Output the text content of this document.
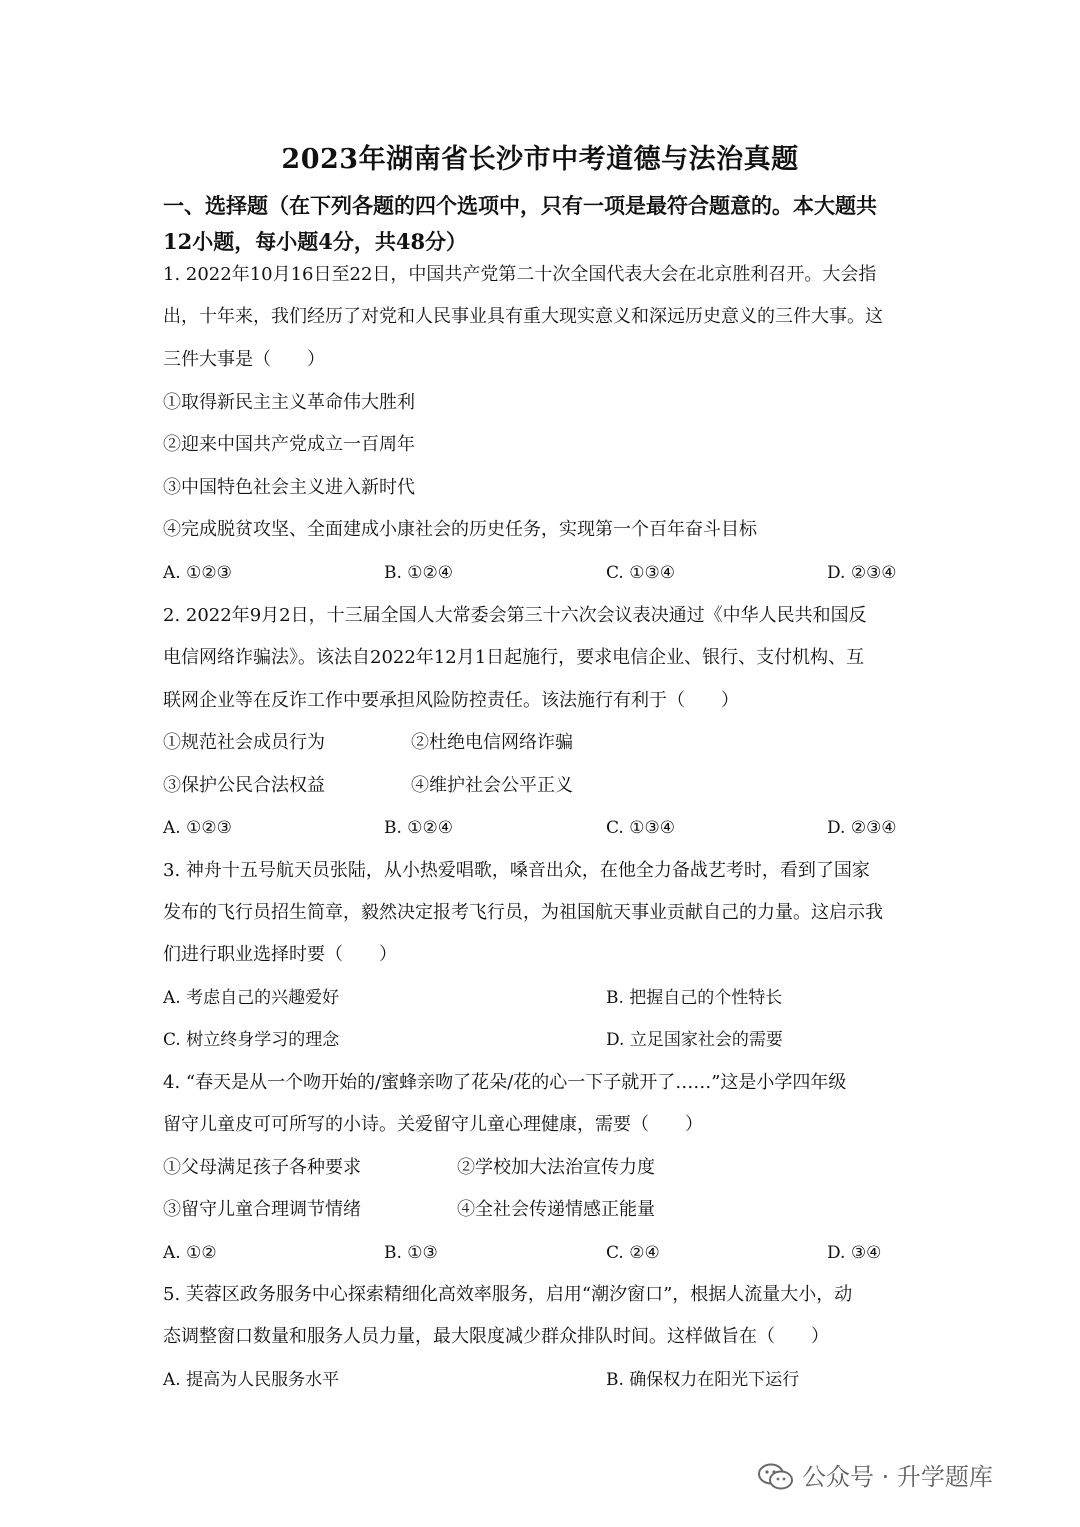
2023年湖南省长沙市中考道德与法治真题
一、选择题（在下列各题的四个选项中，只有一项是最符合题意的。本大题共
12小题，每小题4分，共48分）
1. 2022年10月16日至22日，中国共产党第二十次全国代表大会在北京胜利召开。大会指
出，十年来，我们经历了对党和人民事业具有重大现实意义和深远历史意义的三件大事。这
三件大事是（　　）
①取得新民主主义革命伟大胜利
②迎来中国共产党成立一百周年
③中国特色社会主义进入新时代
④完成脱贫攻坚、全面建成小康社会的历史任务，实现第一个百年奋斗目标
A. ①②③	B. ①②④	C. ①③④	D. ②③④
2. 2022年9月2日，十三届全国人大常委会第三十六次会议表决通过《中华人民共和国反
电信网络诈骗法》。该法自2022年12月1日起施行，要求电信企业、银行、支付机构、互
联网企业等在反诈工作中要承担风险防控责任。该法施行有利于（　　）
①规范社会成员行为	②杜绝电信网络诈骗
③保护公民合法权益	④维护社会公平正义
A. ①②③	B. ①②④	C. ①③④	D. ②③④
3. 神舟十五号航天员张陆，从小热爱唱歌，嗓音出众，在他全力备战艺考时，看到了国家
发布的飞行员招生简章，毅然决定报考飞行员，为祖国航天事业贡献自己的力量。这启示我
们进行职业选择时要（　　）
A. 考虑自己的兴趣爱好	B. 把握自己的个性特长
C. 树立终身学习的理念	D. 立足国家社会的需要
4. “春天是从一个吻开始的/蜜蜂亲吻了花朵/花的心一下子就开了……”这是小学四年级
留守儿童皮可可所写的小诗。关爱留守儿童心理健康，需要（　　）
①父母满足孩子各种要求	②学校加大法治宣传力度
③留守儿童合理调节情绪	④全社会传递情感正能量
A. ①②	B. ①③	C. ②④	D. ③④
5. 芙蓉区政务服务中心探索精细化高效率服务，启用“潮汐窗口”，根据人流量大小，动
态调整窗口数量和服务人员力量，最大限度减少群众排队时间。这样做旨在（　　）
A. 提高为人民服务水平	B. 确保权力在阳光下运行
公众号 · 升学题库
